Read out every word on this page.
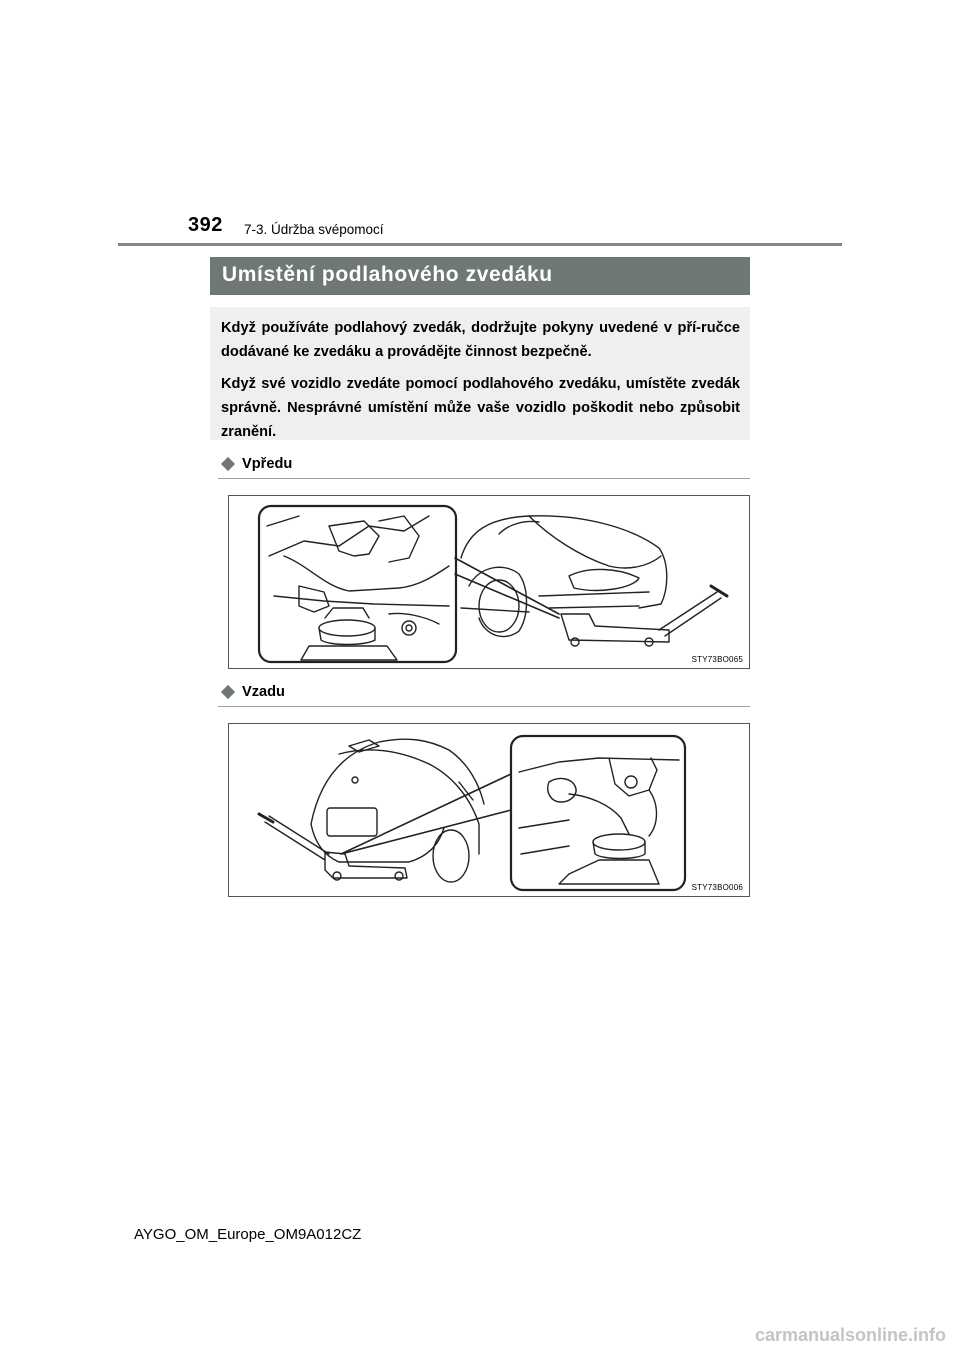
392 7-3. Údržba svépomocí
Umístění podlahového zvedáku

Když používáte podlahový zvedák, dodržujte pokyny uvedené v pří-ručce dodávané ke zvedáku a provádějte činnost bezpečně.

Když své vozidlo zvedáte pomocí podlahového zvedáku, umístěte zvedák správně. Nesprávné umístění může vaše vozidlo poškodit nebo způsobit zranění.

Vpředu
STY73BO065
Vzadu
STY73BO006
AYGO_OM_Europe_OM9A012CZ
carmanualsonline.info
